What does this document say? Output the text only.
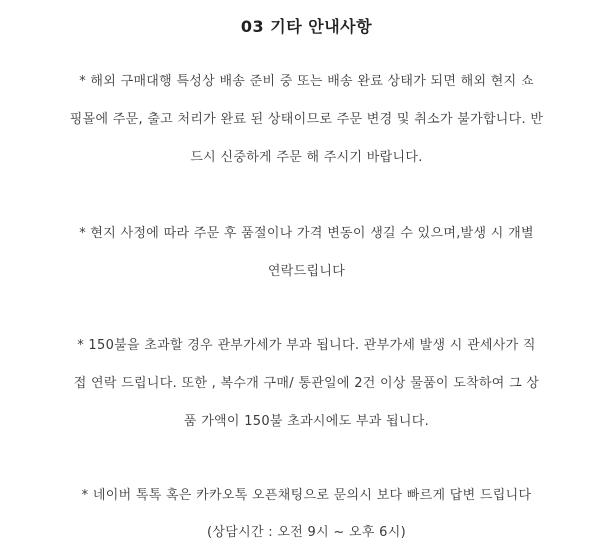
03 기타 안내사항
* 해외 구매대행 특성상 배송 준비 중 또는 배송 완료 상태가 되면 해외 현지 쇼
핑몰에 주문, 출고 처리가 완료 된 상태이므로 주문 변경 및 취소가 불가합니다. 반
드시 신중하게 주문 해 주시기 바랍니다.
* 현지 사정에 따라 주문 후 품절이나 가격 변동이 생길 수 있으며,발생 시 개별
연락드립니다
* 150불을 초과할 경우 관부가세가 부과 됩니다. 관부가세 발생 시 관세사가 직
접 연락 드립니다. 또한 , 복수개 구매/ 통관일에 2건 이상 물품이 도착하여 그 상
품 가액이 150불 초과시에도 부과 됩니다.
* 네이버 톡톡 혹은 카카오톡 오픈채팅으로 문의시 보다 빠르게 답변 드립니다
(상담시간 : 오전 9시 ~ 오후 6시)
